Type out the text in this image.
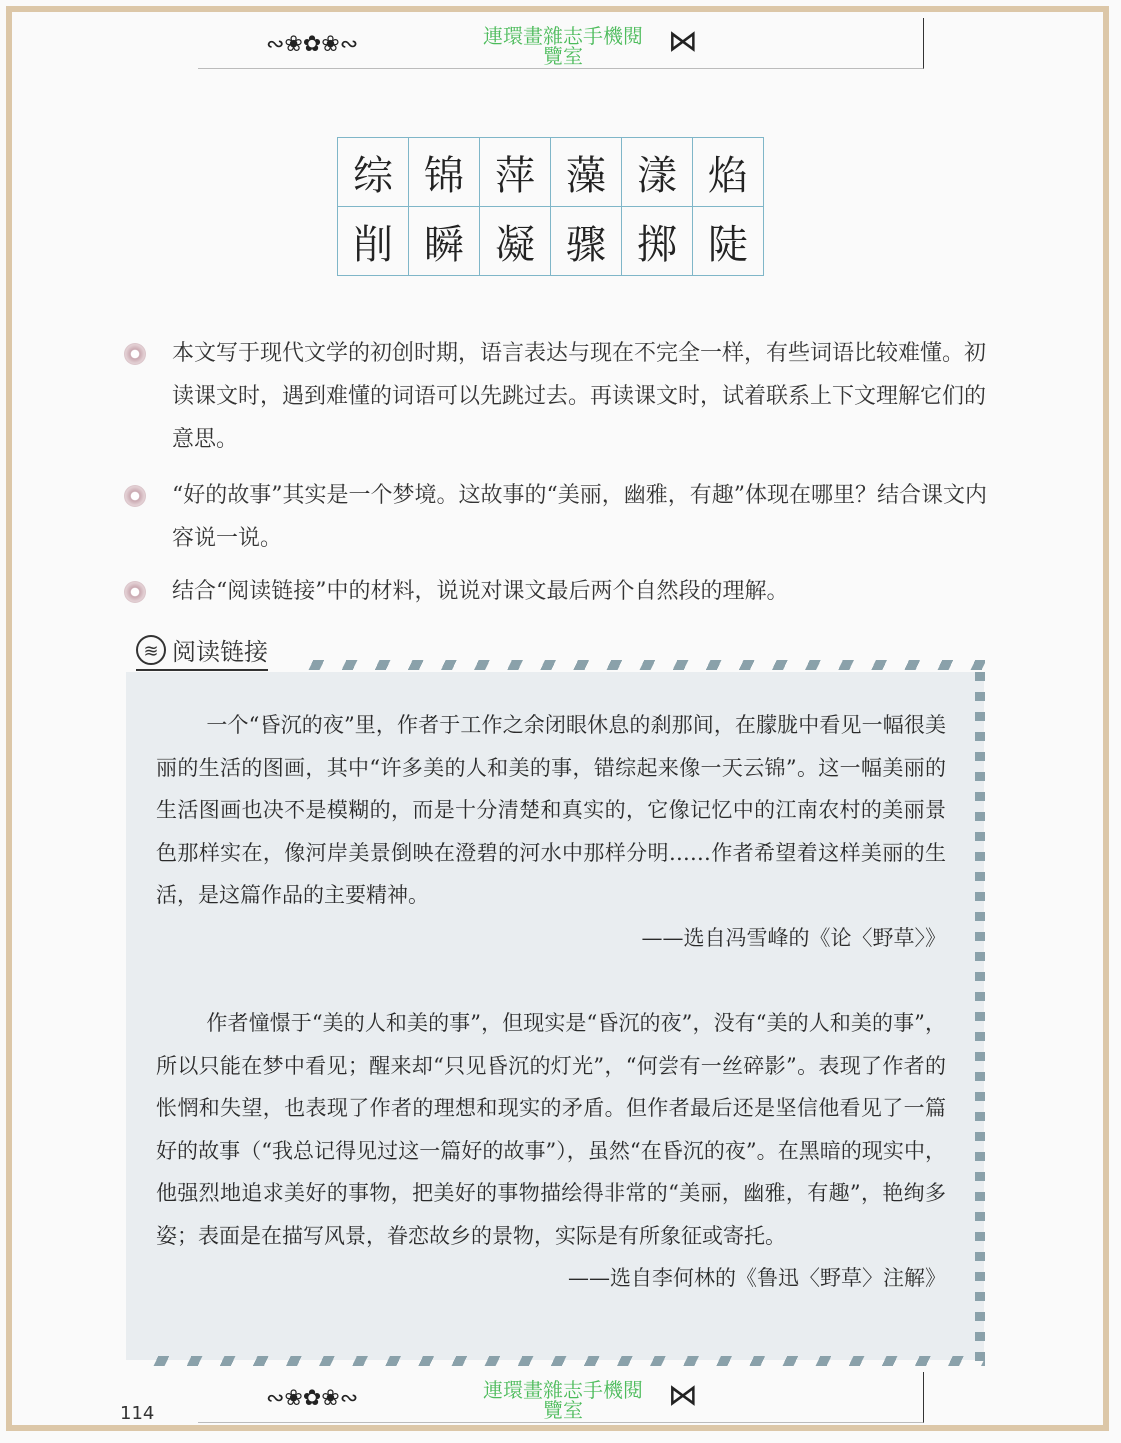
∾❀✿❀∾	連環畫雜志手機閱
覽室	⋈
综	锦	萍	藻	漾	焰
削	瞬	凝	骤	掷	陡
本文写于现代文学的初创时期，语言表达与现在不完全一样，有些词语比较难懂。初读课文时，遇到难懂的词语可以先跳过去。再读课文时，试着联系上下文理解它们的意思。
“好的故事”其实是一个梦境。这故事的“美丽，幽雅，有趣”体现在哪里？结合课文内容说一说。
结合“阅读链接”中的材料，说说对课文最后两个自然段的理解。
≋ 阅读链接
一个“昏沉的夜”里，作者于工作之余闭眼休息的刹那间，在朦胧中看见一幅很美丽的生活的图画，其中“许多美的人和美的事，错综起来像一天云锦”。这一幅美丽的生活图画也决不是模糊的，而是十分清楚和真实的，它像记忆中的江南农村的美丽景色那样实在，像河岸美景倒映在澄碧的河水中那样分明……作者希望着这样美丽的生活，是这篇作品的主要精神。
——选自冯雪峰的《论〈野草〉》
作者憧憬于“美的人和美的事”，但现实是“昏沉的夜”，没有“美的人和美的事”，所以只能在梦中看见；醒来却“只见昏沉的灯光”，“何尝有一丝碎影”。表现了作者的怅惘和失望，也表现了作者的理想和现实的矛盾。但作者最后还是坚信他看见了一篇好的故事（“我总记得见过这一篇好的故事”），虽然“在昏沉的夜”。在黑暗的现实中，他强烈地追求美好的事物，把美好的事物描绘得非常的“美丽，幽雅，有趣”，艳绚多姿；表面是在描写风景，眷恋故乡的景物，实际是有所象征或寄托。
——选自李何林的《鲁迅〈野草〉注解》
∾❀✿❀∾	連環畫雜志手機閱
覽室	⋈
114
